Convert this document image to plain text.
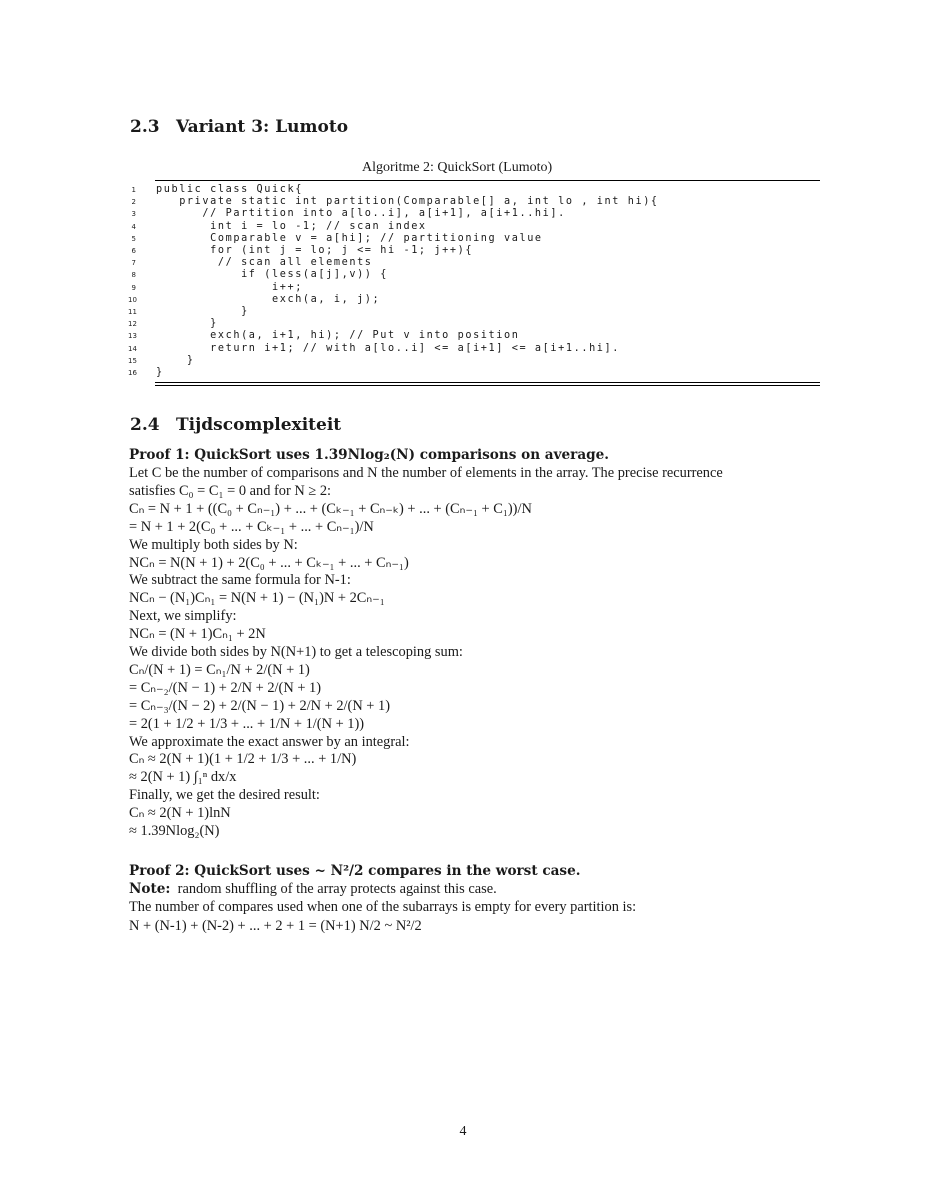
2.3 Variant 3: Lumoto
Algoritme 2: QuickSort (Lumoto)
1 public class Quick{
2 private static int partition(Comparable[] a, int lo , int hi){
3 // Partition into a[lo..i], a[i+1], a[i+1..hi].
4 int i = lo -1; // scan index
5 Comparable v = a[hi]; // partitioning value
6 for (int j = lo; j <= hi -1; j++){
7 // scan all elements
8 if (less(a[j],v)) {
9 i++;
10 exch(a, i, j);
11 }
12 }
13 exch(a, i+1, hi); // Put v into position
14 return i+1; // with a[lo..i] <= a[i+1] <= a[i+1..hi].
15 }
16 }
2.4 Tijdscomplexiteit
Proof 1: QuickSort uses 1.39Nlog₂(N) comparisons on average.
Let C be the number of comparisons and N the number of elements in the array. The precise recurrence
satisfies C₀ = C₁ = 0 and for N ≥ 2:
Cₙ = N + 1 + ((C₀ + Cₙ₋₁) + ... + (Cₖ₋₁ + Cₙ₋ₖ) + ... + (Cₙ₋₁ + C₁))/N
= N + 1 + 2(C₀ + ... + Cₖ₋₁ + ... + Cₙ₋₁)/N
We multiply both sides by N:
NCₙ = N(N + 1) + 2(C₀ + ... + Cₖ₋₁ + ... + Cₙ₋₁)
We subtract the same formula for N-1:
NCₙ − (N₁)Cₙ₁ = N(N + 1) − (N₁)N + 2Cₙ₋₁
Next, we simplify:
NCₙ = (N + 1)Cₙ₁ + 2N
We divide both sides by N(N+1) to get a telescoping sum:
Cₙ/(N + 1) = Cₙ₁/N + 2/(N + 1)
= Cₙ₋₂/(N − 1) + 2/N + 2/(N + 1)
= Cₙ₋₃/(N − 2) + 2/(N − 1) + 2/N + 2/(N + 1)
= 2(1 + 1/2 + 1/3 + ... + 1/N + 1/(N + 1))
We approximate the exact answer by an integral:
Cₙ ≈ 2(N + 1)(1 + 1/2 + 1/3 + ... + 1/N)
≈ 2(N + 1) ∫₁ⁿ dx/x
Finally, we get the desired result:
Cₙ ≈ 2(N + 1)lnN
≈ 1.39Nlog₂(N)
Proof 2: QuickSort uses ~ N²/2 compares in the worst case.
Note: random shuffling of the array protects against this case.
The number of compares used when one of the subarrays is empty for every partition is:
N + (N-1) + (N-2) + ... + 2 + 1 = (N+1) N/2 ~ N²/2
4
